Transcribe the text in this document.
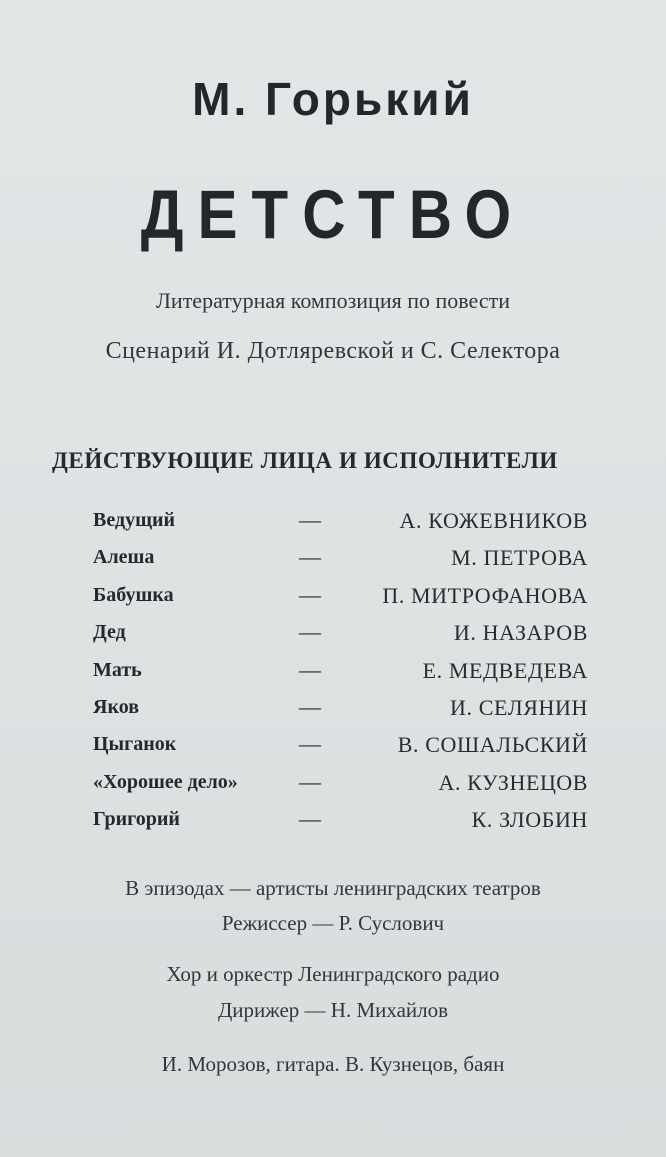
М. Горький
ДЕТСТВО
Литературная композиция по повести
Сценарий И. Дотляревской и С. Селектора
ДЕЙСТВУЮЩИЕ ЛИЦА И ИСПОЛНИТЕЛИ
Ведущий	—	А. КОЖЕВНИКОВ
Алеша	—	М. ПЕТРОВА
Бабушка	—	П. МИТРОФАНОВА
Дед	—	И. НАЗАРОВ
Мать	—	Е. МЕДВЕДЕВА
Яков	—	И. СЕЛЯНИН
Цыганок	—	В. СОШАЛЬСКИЙ
«Хорошее дело»	—	А. КУЗНЕЦОВ
Григорий	—	К. ЗЛОБИН
В эпизодах — артисты ленинградских театров
Режиссер — Р. Суслович
Хор и оркестр Ленинградского радио
Дирижер — Н. Михайлов
И. Морозов, гитара. В. Кузнецов, баян
